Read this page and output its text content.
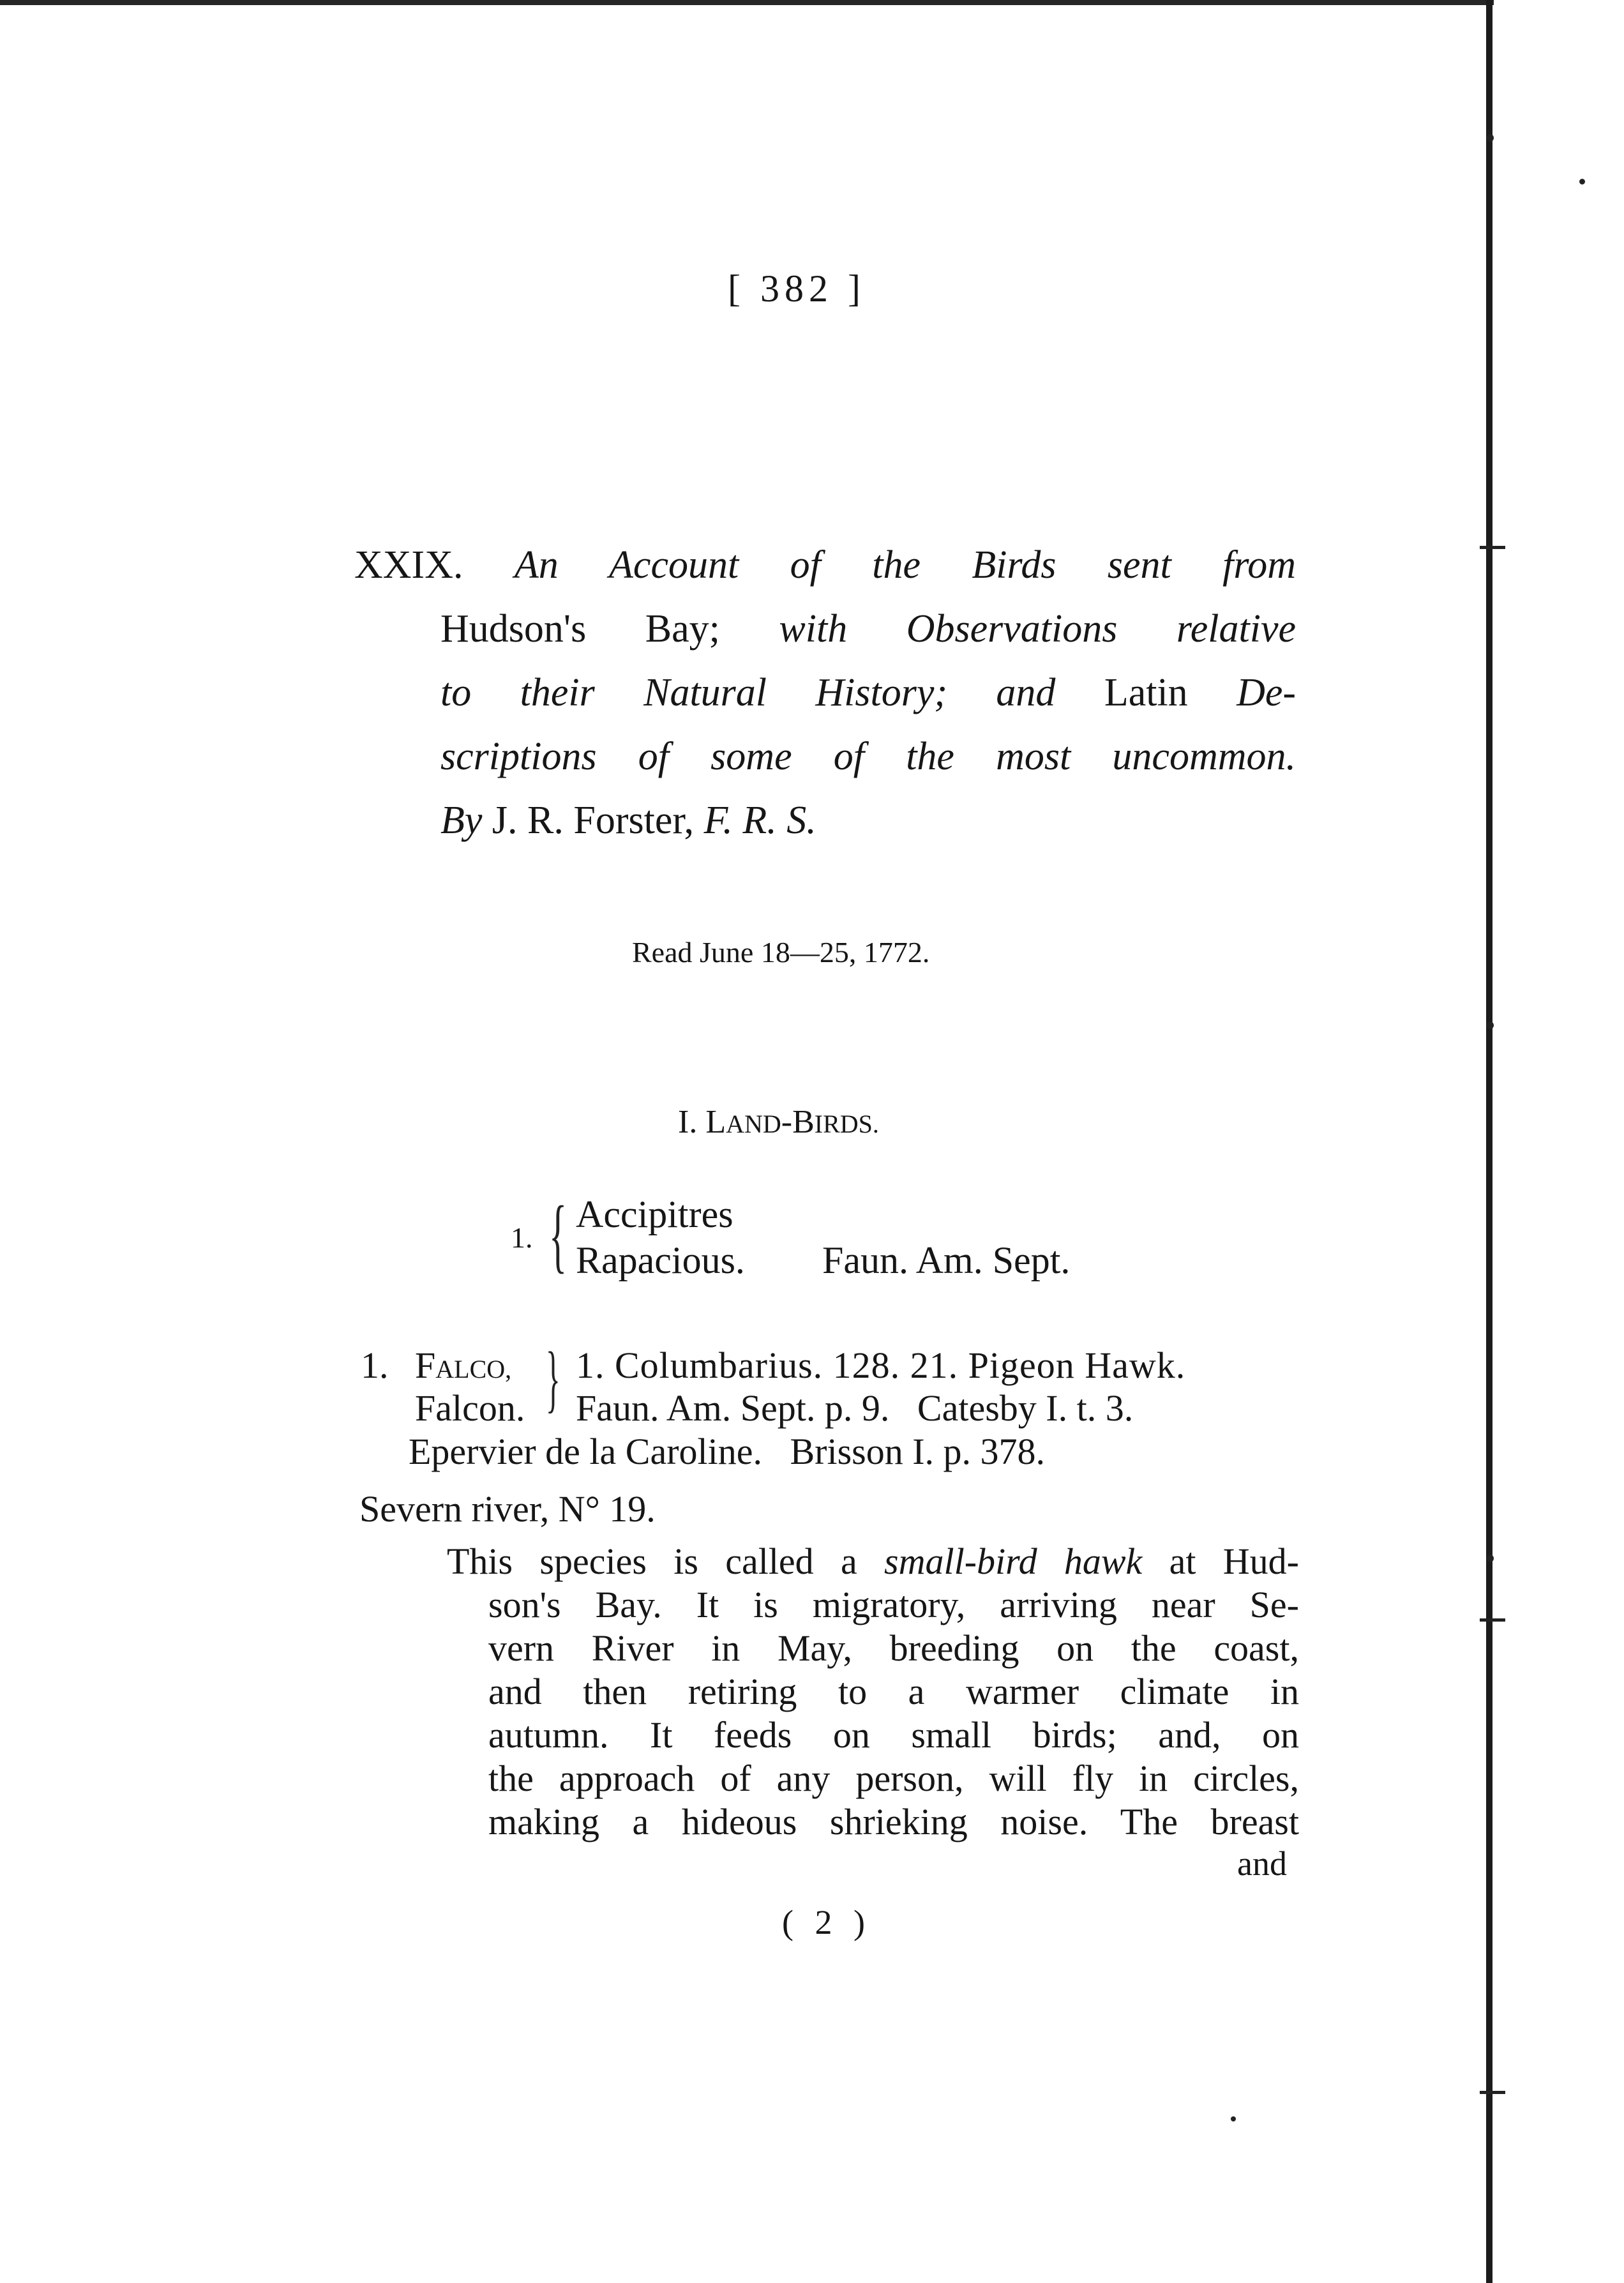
[ 382 ]
XXIX. An Account of the Birds sent from
Hudson's Bay; with Observations relative
to their Natural History; and Latin De-
scriptions of some of the most uncommon.
By J. R. Forster, F. R. S.
Read June 18—25, 1772.
I. LAND-BIRDS.
1. { Accipitres
Rapacious. Faun. Am. Sept.
1. FALCO,
Falcon. } 1. Columbarius. 128. 21. Pigeon Hawk.
Faun. Am. Sept. p. 9.   Catesby I. t. 3.
Epervier de la Caroline.   Brisson I. p. 378.
Severn river, N° 19.
This species is called a small-bird hawk at Hud-
son's Bay. It is migratory, arriving near Se-
vern River in May, breeding on the coast,
and then retiring to a warmer climate in
autumn. It feeds on small birds; and, on
the approach of any person, will fly in circles,
making a hideous shrieking noise. The breast
and
( 2 )
